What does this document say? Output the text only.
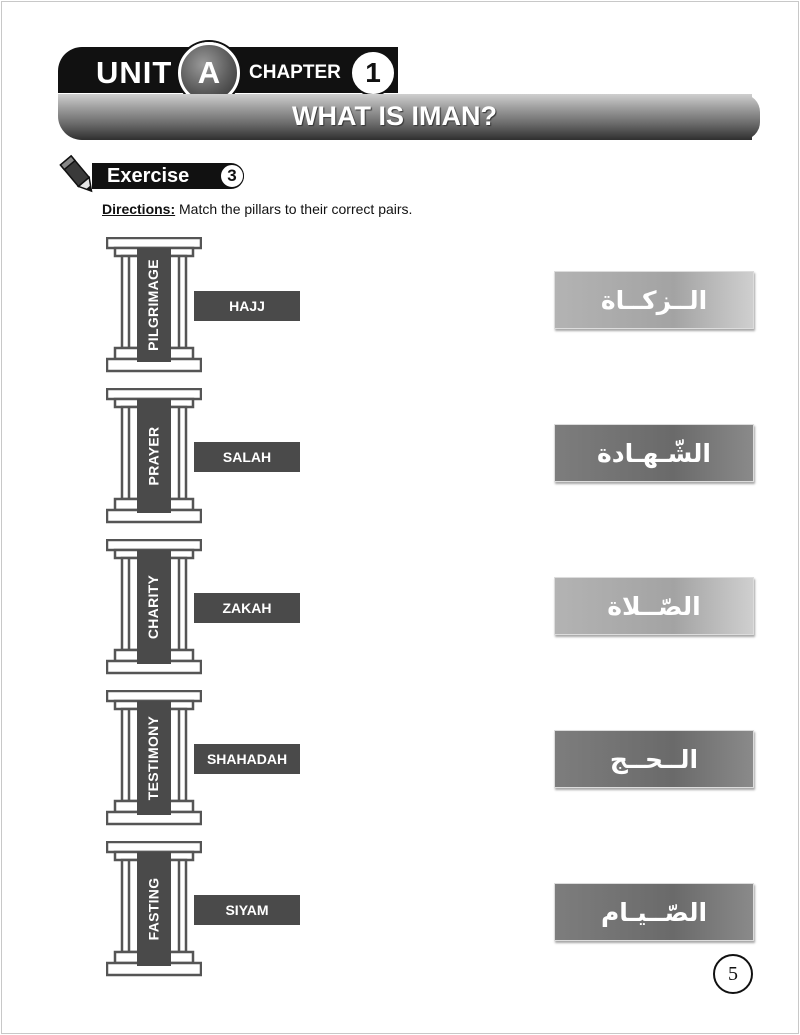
UNIT A	CHAPTER 1
WHAT IS IMAN?
Exercise	3
Directions: Match the pillars to their correct pairs.
PILGRIMAGE	HAJJ
PRAYER	SALAH
CHARITY	ZAKAH
TESTIMONY	SHAHADAH
FASTING	SIYAM
الــزكــاة
الشّـهـادة
الصّــلاة
الــحــج
الصّــيـام
5
